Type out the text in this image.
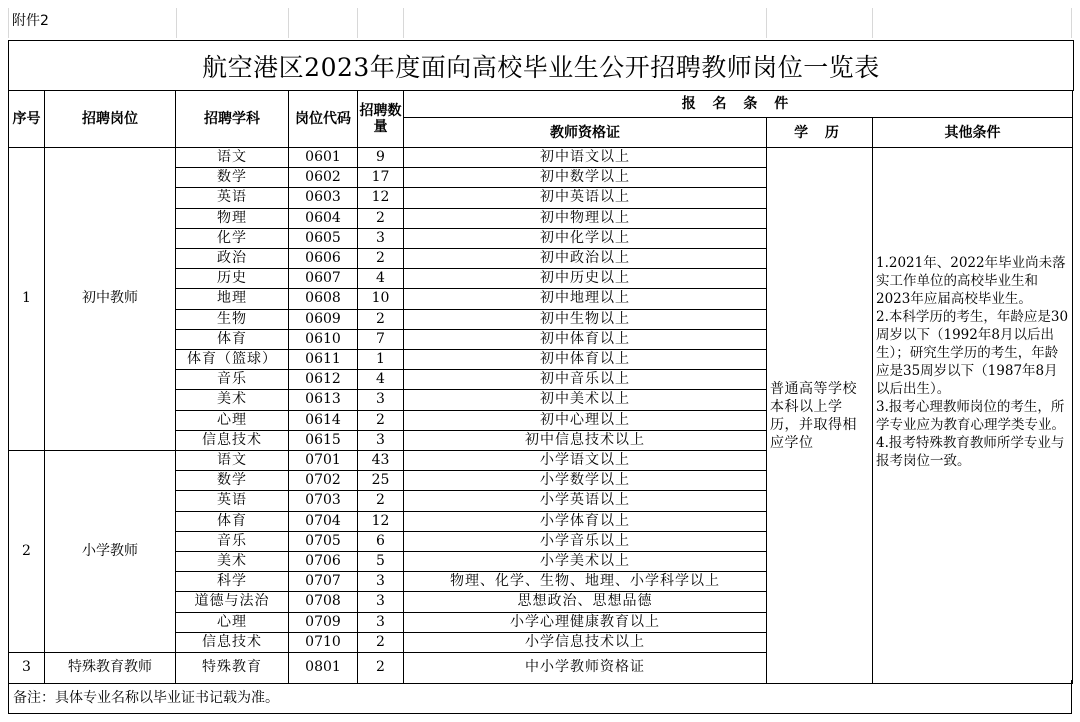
附件2
航空港区2023年度面向高校毕业生公开招聘教师岗位一览表
序号	招聘岗位	招聘学科	岗位代码	招聘数量	报 名 条 件		
					教师资格证	学 历	其他条件
1	初中教师	语文	0601	9	初中语文以上	普通高等学校本科以上学历，并取得相应学位	1.2021年、2022年毕业尚未落实工作单位的高校毕业生和2023年应届高校毕业生。

2.本科学历的考生，年龄应是30周岁以下（1992年8月以后出生）；研究生学历的考生，年龄应是35周岁以下（1987年8月以后出生）。

3.报考心理教师岗位的考生，所学专业应为教育心理学类专业。

4.报考特殊教育教师所学专业与报考岗位一致。

		数学	0602	17	初中数学以上		
		英语	0603	12	初中英语以上		
		物理	0604	2	初中物理以上		
		化学	0605	3	初中化学以上		
		政治	0606	2	初中政治以上		
		历史	0607	4	初中历史以上		
		地理	0608	10	初中地理以上		
		生物	0609	2	初中生物以上		
		体育	0610	7	初中体育以上		
		体育（篮球）	0611	1	初中体育以上		
		音乐	0612	4	初中音乐以上		
		美术	0613	3	初中美术以上		
		心理	0614	2	初中心理以上		
		信息技术	0615	3	初中信息技术以上		
2	小学教师	语文	0701	43	小学语文以上		
		数学	0702	25	小学数学以上		
		英语	0703	2	小学英语以上		
		体育	0704	12	小学体育以上		
		音乐	0705	6	小学音乐以上		
		美术	0706	5	小学美术以上		
		科学	0707	3	物理、化学、生物、地理、小学科学以上		
		道德与法治	0708	3	思想政治、思想品德		
		心理	0709	3	小学心理健康教育以上		
		信息技术	0710	2	小学信息技术以上		
3	特殊教育教师	特殊教育	0801	2	中小学教师资格证		
备注：具体专业名称以毕业证书记载为准。
